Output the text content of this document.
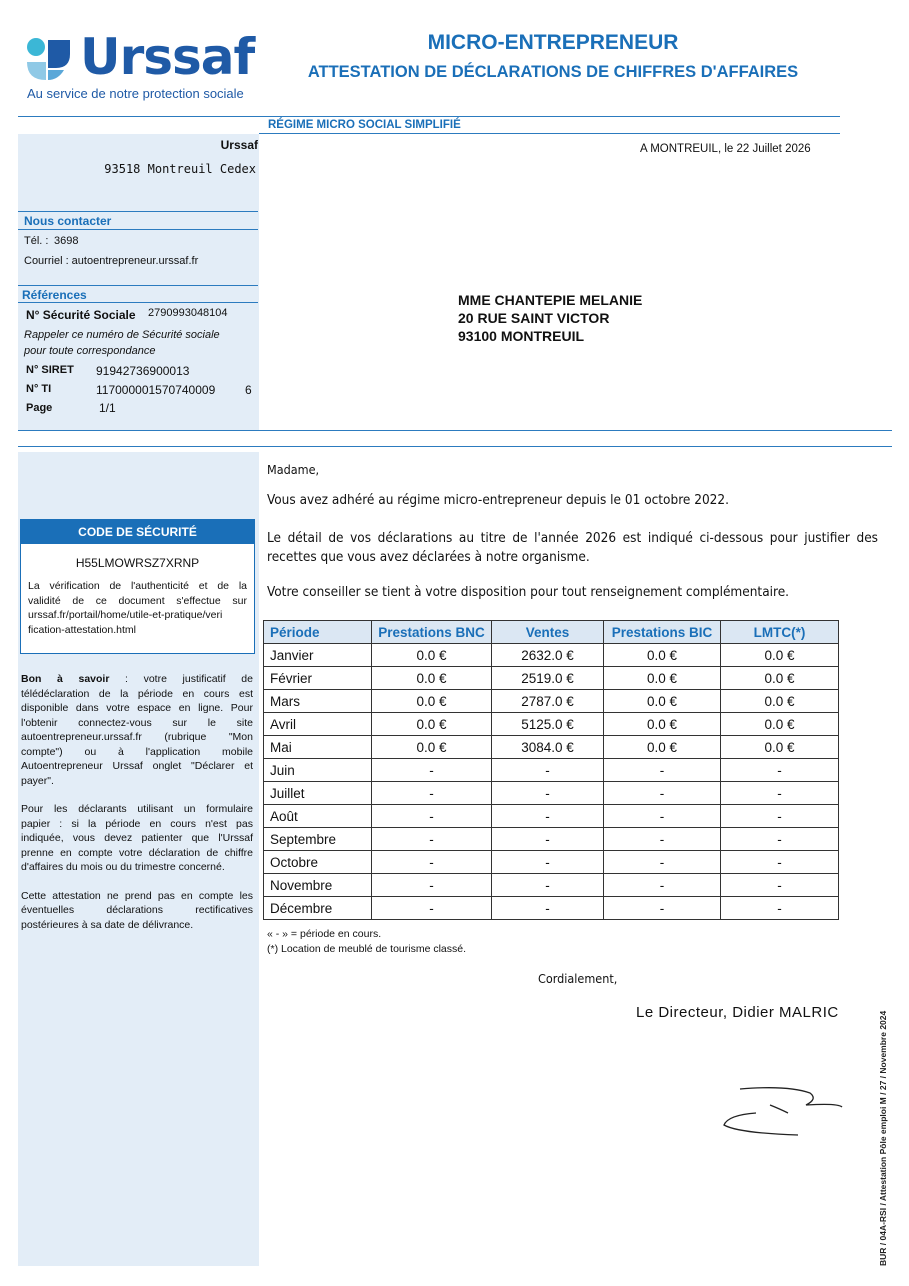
Urssaf
Au service de notre protection sociale
MICRO-ENTREPRENEUR
ATTESTATION DE DÉCLARATIONS DE CHIFFRES D'AFFAIRES
RÉGIME MICRO SOCIAL SIMPLIFIÉ
Urssaf
93518 Montreuil Cedex
A MONTREUIL, le 22 Juillet 2026
Nous contacter
Tél. : 3698
Courriel : autoentrepreneur.urssaf.fr
Références
N° Sécurité Sociale 2790993048104
Rappeler ce numéro de Sécurité sociale
pour toute correspondance
N° SIRET 91942736900013
N° TI	117000001570740009 6
Page	1/1
MME CHANTEPIE MELANIE
20 RUE SAINT VICTOR
93100 MONTREUIL
CODE DE SÉCURITÉ
H55LMOWRSZ7XRNP
La vérification de l'authenticité et de la
validité de ce document s'effectue sur
urssaf.fr/portail/home/utile-et-pratique/veri
fication-attestation.html
Bon à savoir : votre justificatif de
télédéclaration de la période en cours est
disponible dans votre espace en ligne. Pour
l'obtenir connectez-vous sur le site
autoentrepreneur.urssaf.fr (rubrique "Mon
compte") ou à l'application mobile
Autoentrepreneur Urssaf onglet "Déclarer et
payer".
Pour les déclarants utilisant un formulaire
papier : si la période en cours n'est pas
indiquée, vous devez patienter que l'Urssaf
prenne en compte votre déclaration de chiffre
d'affaires du mois ou du trimestre concerné.
Cette attestation ne prend pas en compte les
éventuelles déclarations rectificatives
postérieures à sa date de délivrance.
Madame,
Vous avez adhéré au régime micro-entrepreneur depuis le 01 octobre 2022.
Le détail de vos déclarations au titre de l'année 2026 est indiqué ci-dessous pour justifier des
recettes que vous avez déclarées à notre organisme.
Votre conseiller se tient à votre disposition pour tout renseignement complémentaire.
Période	Prestations BNC	Ventes	Prestations BIC	LMTC(*)
Janvier	0.0 €	2632.0 €	0.0 €	0.0 €
Février	0.0 €	2519.0 €	0.0 €	0.0 €
Mars	0.0 €	2787.0 €	0.0 €	0.0 €
Avril	0.0 €	5125.0 €	0.0 €	0.0 €
Mai	0.0 €	3084.0 €	0.0 €	0.0 €
Juin	-	-	-	-
Juillet	-	-	-	-
Août	-	-	-	-
Septembre	-	-	-	-
Octobre	-	-	-	-
Novembre	-	-	-	-
Décembre	-	-	-	-
« - » = période en cours.
(*) Location de meublé de tourisme classé.
Cordialement,
Le Directeur, Didier MALRIC	BUR / 04A-RSI / Attestation Pôle emploi M / 27 / Novembre 2024
